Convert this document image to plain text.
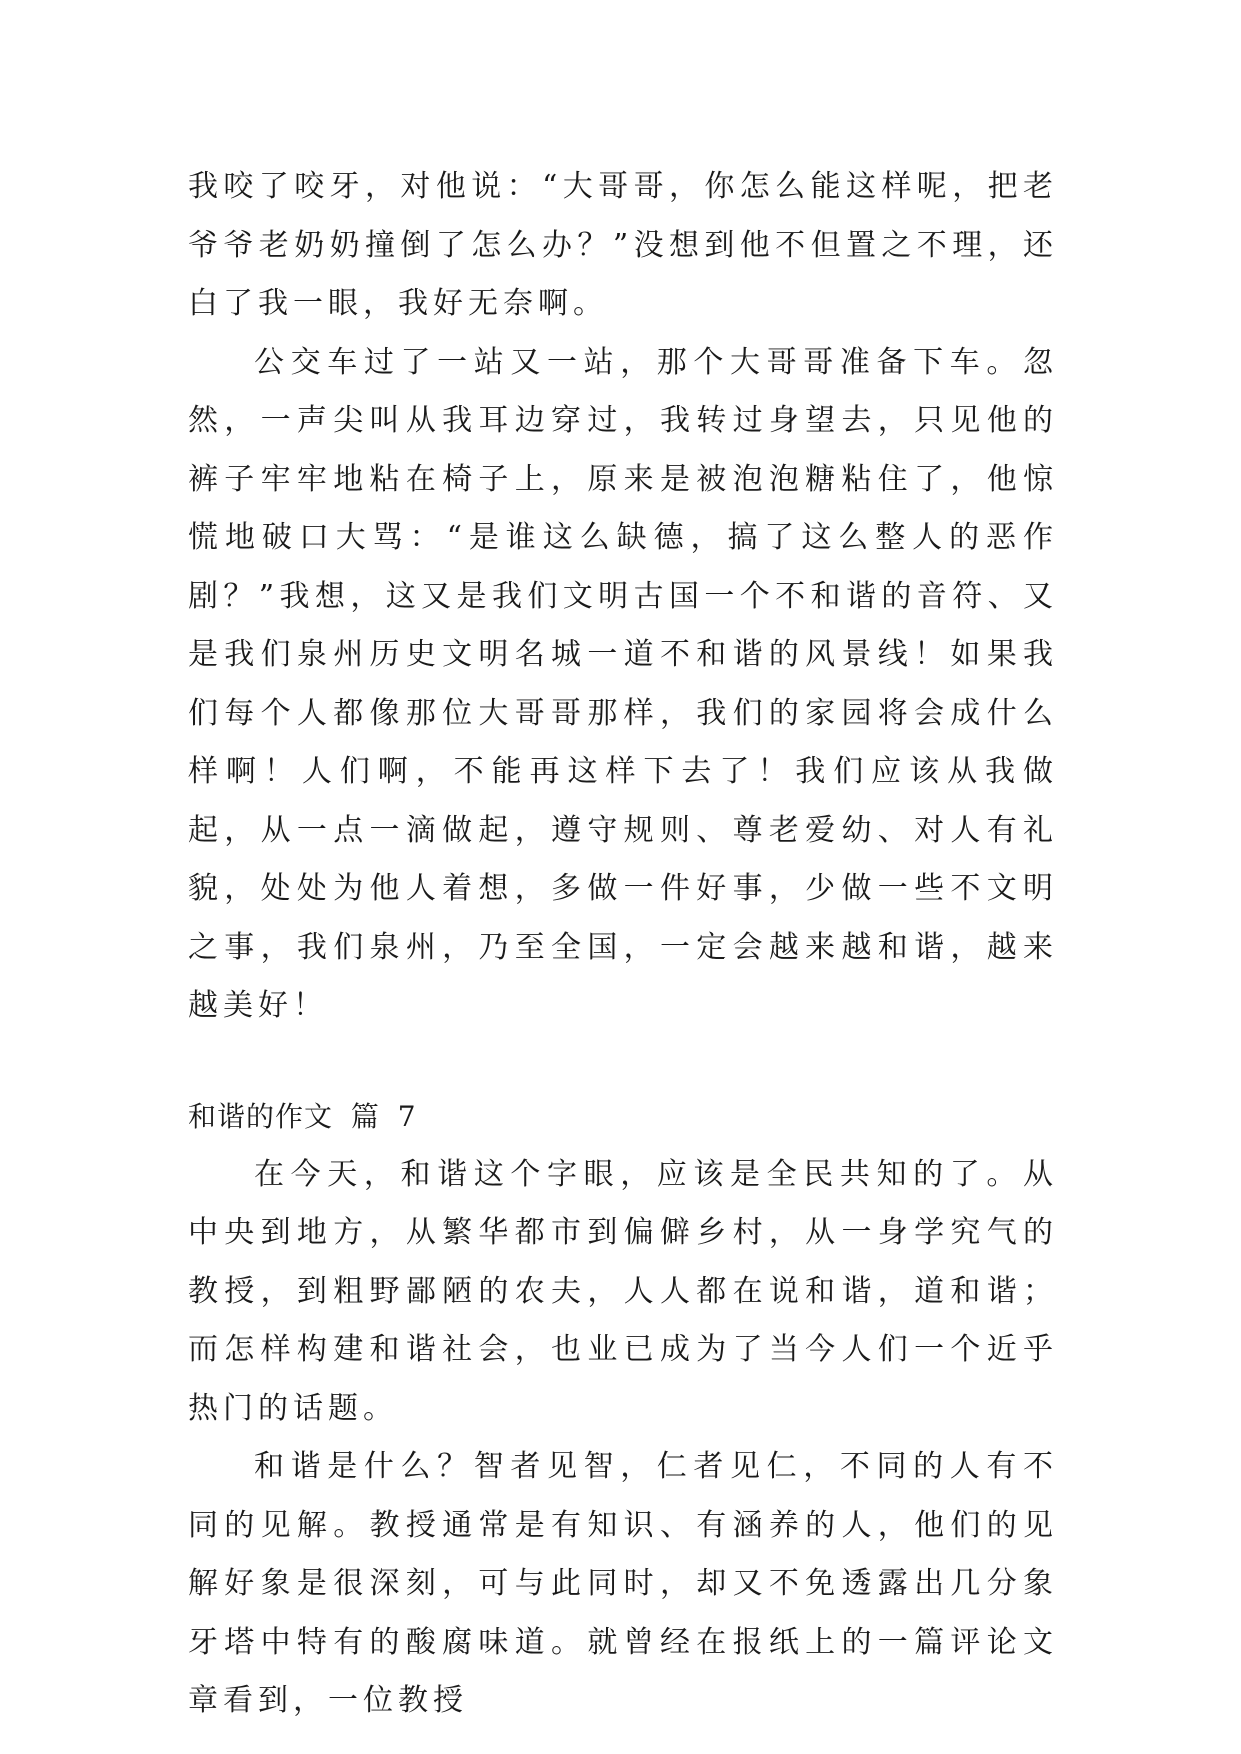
我咬了咬牙，对他说：“大哥哥，你怎么能这样呢，把老爷爷老奶奶撞倒了怎么办？”没想到他不但置之不理，还白了我一眼，我好无奈啊。

公交车过了一站又一站，那个大哥哥准备下车。忽然，一声尖叫从我耳边穿过，我转过身望去，只见他的裤子牢牢地粘在椅子上，原来是被泡泡糖粘住了，他惊慌地破口大骂：“是谁这么缺德，搞了这么整人的恶作剧？”我想，这又是我们文明古国一个不和谐的音符、又是我们泉州历史文明名城一道不和谐的风景线！如果我们每个人都像那位大哥哥那样，我们的家园将会成什么样啊！人们啊，不能再这样下去了！我们应该从我做起，从一点一滴做起，遵守规则、尊老爱幼、对人有礼貌，处处为他人着想，多做一件好事，少做一些不文明之事，我们泉州，乃至全国，一定会越来越和谐，越来越美好！

和谐的作文 篇 7

在今天，和谐这个字眼，应该是全民共知的了。从中央到地方，从繁华都市到偏僻乡村，从一身学究气的教授，到粗野鄙陋的农夫，人人都在说和谐，道和谐；而怎样构建和谐社会，也业已成为了当今人们一个近乎热门的话题。

和谐是什么？智者见智，仁者见仁，不同的人有不同的见解。教授通常是有知识、有涵养的人，他们的见解好象是很深刻，可与此同时，却又不免透露出几分象牙塔中特有的酸腐味道。就曾经在报纸上的一篇评论文章看到，一位教授
